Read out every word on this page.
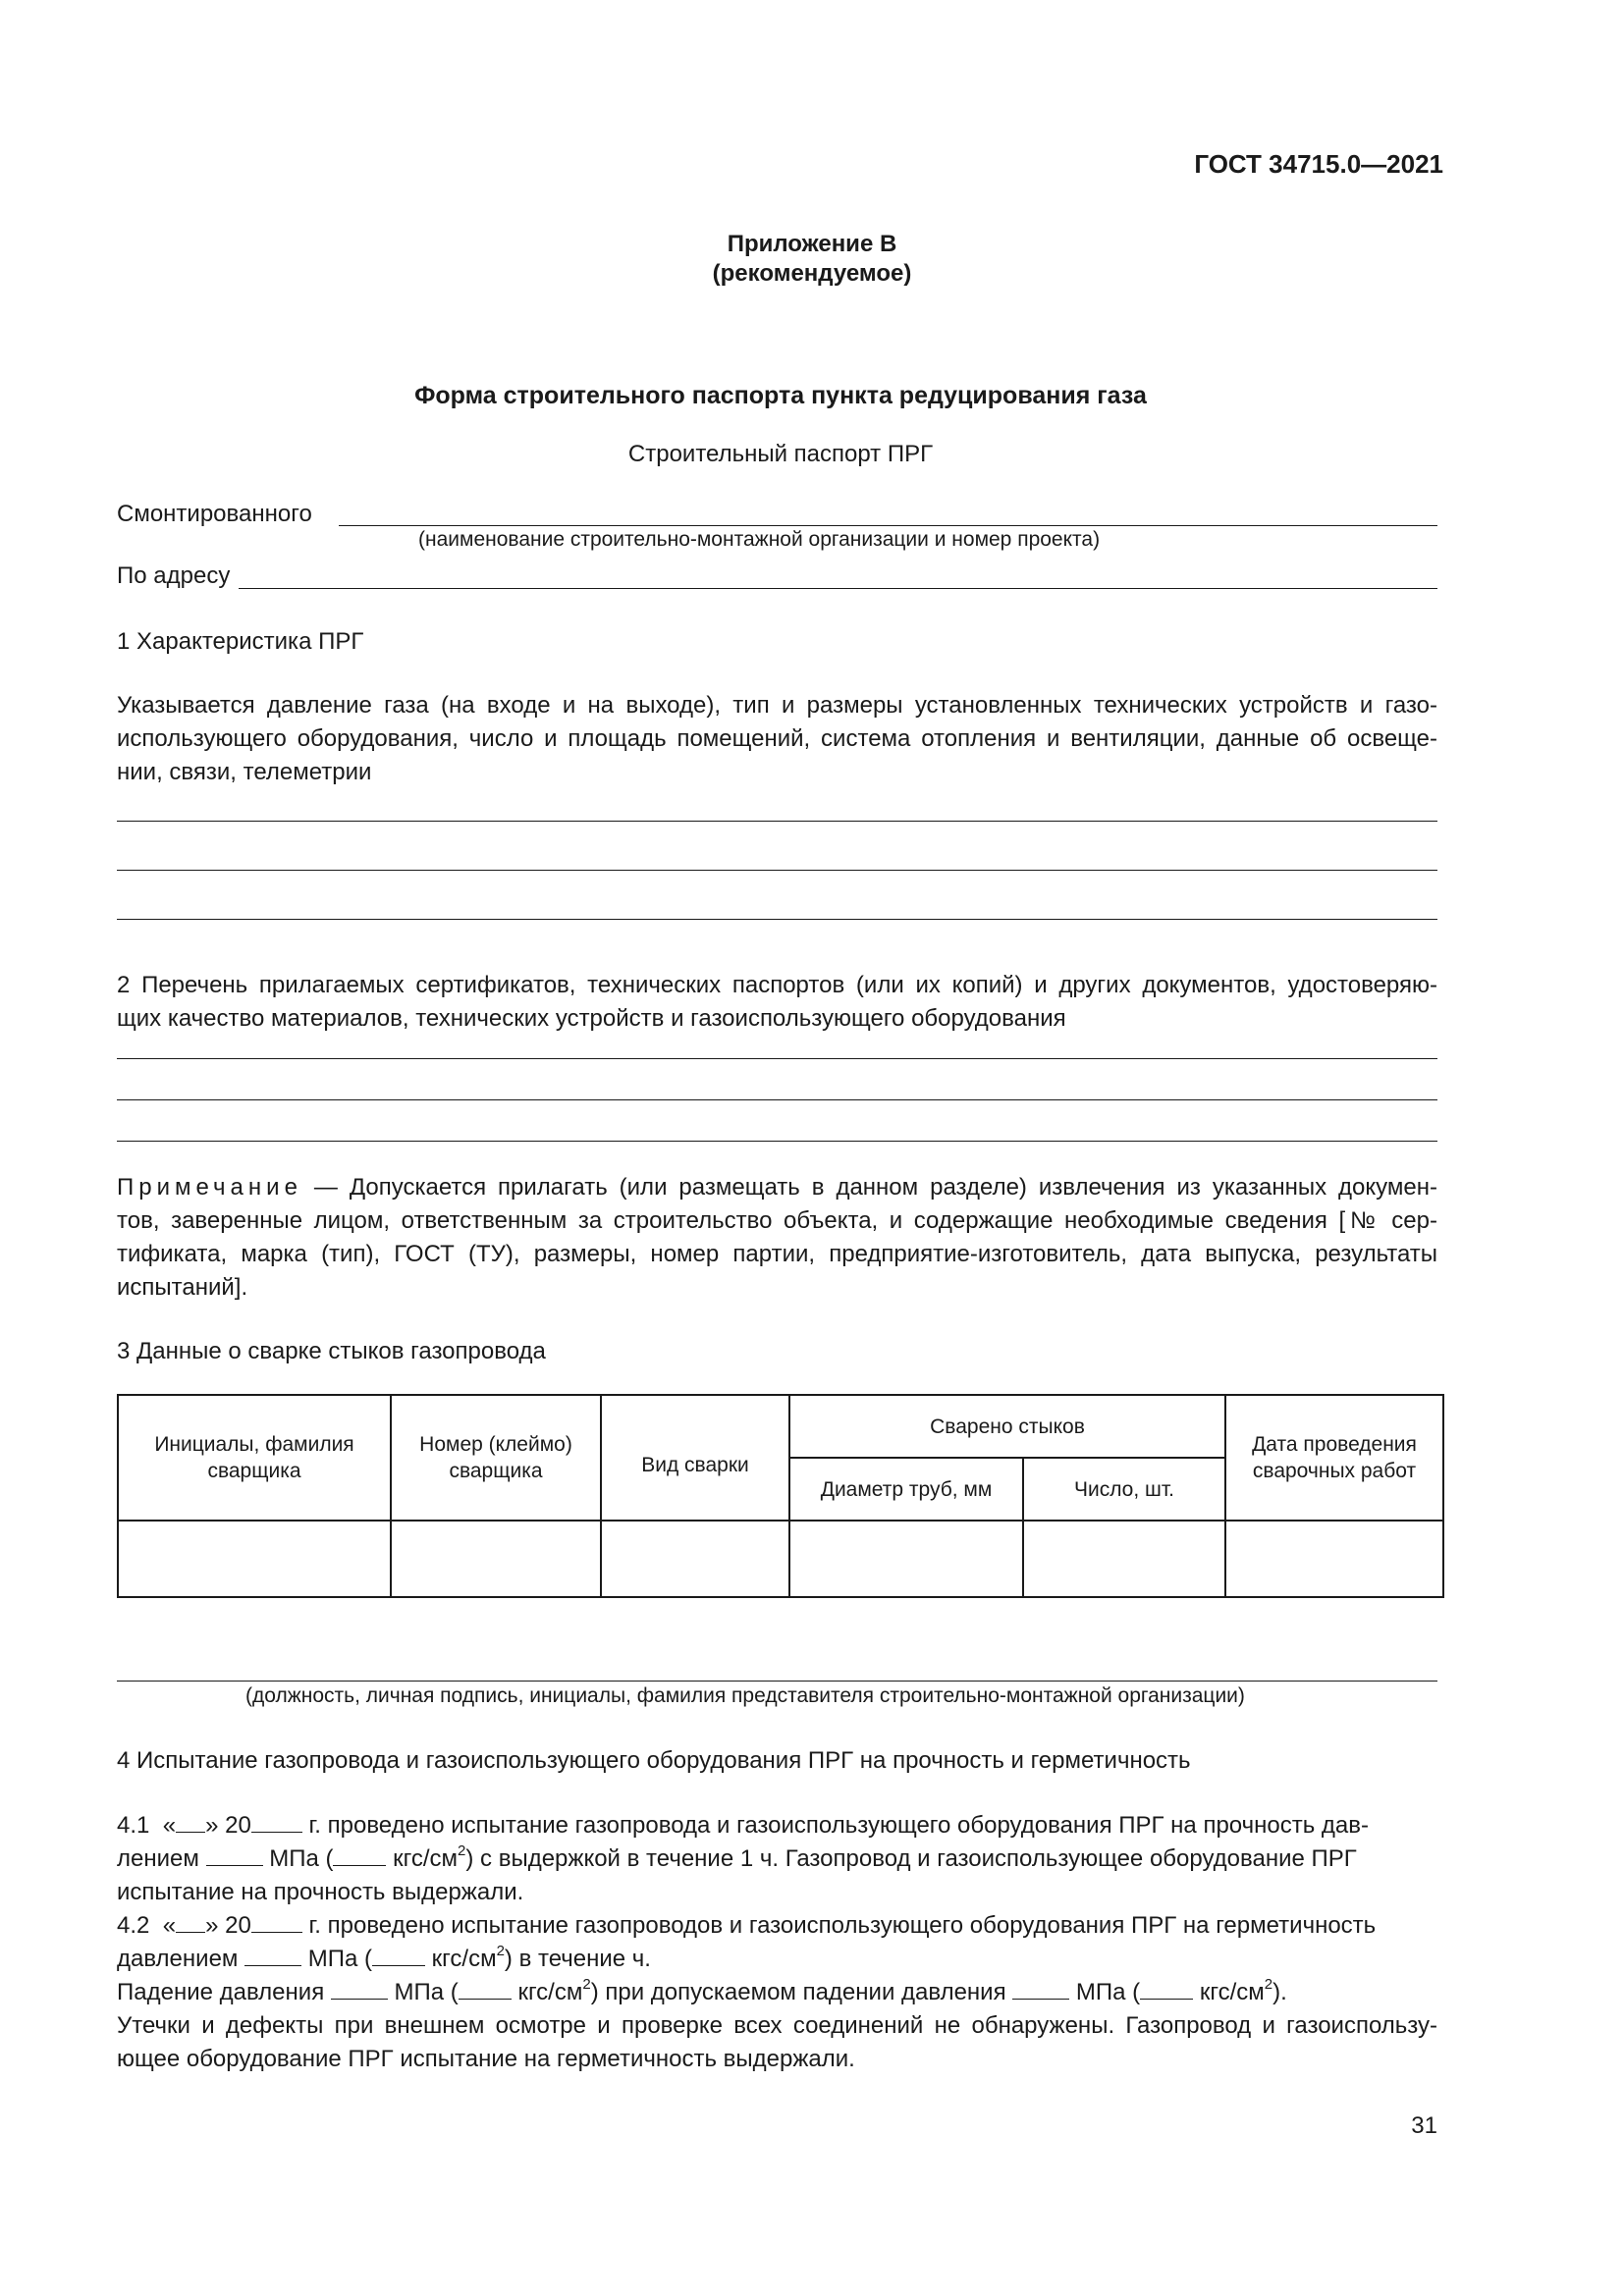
ГОСТ 34715.0—2021
Приложение В
(рекомендуемое)
Форма строительного паспорта пункта редуцирования газа
Строительный паспорт ПРГ
Смонтированного
(наименование строительно-монтажной организации и номер проекта)
По адресу
1 Характеристика ПРГ
Указывается давление газа (на входе и на выходе), тип и размеры установленных технических устройств и газо-
использующего оборудования, число и площадь помещений, система отопления и вентиляции, данные об освеще-
нии, связи, телеметрии
2 Перечень прилагаемых сертификатов, технических паспортов (или их копий) и других документов, удостоверяю-
щих качество материалов, технических устройств и газоиспользующего оборудования
Примечание — Допускается прилагать (или размещать в данном разделе) извлечения из указанных докумен-
тов, заверенные лицом, ответственным за строительство объекта, и содержащие необходимые сведения [№ сер-
тификата, марка (тип), ГОСТ (ТУ), размеры, номер партии, предприятие-изготовитель, дата выпуска, результаты
испытаний].
3 Данные о сварке стыков газопровода
Инициалы, фамилия сварщика	Номер (клеймо) сварщика	Вид сварки	Сварено стыков		Дата проведения сварочных работ
			Диаметр труб, мм	Число, шт.	

(должность, личная подпись, инициалы, фамилия представителя строительно-монтажной организации)
4 Испытание газопровода и газоиспользующего оборудования ПРГ на прочность и герметичность
4.1 « » 20 г. проведено испытание газопровода и газоиспользующего оборудования ПРГ на прочность дав-
лением  МПа ( кгс/$см^2$) с выдержкой в течение 1 ч. Газопровод и газоиспользующее оборудование ПРГ
испытание на прочность выдержали.
4.2 « » 20 г. проведено испытание газопроводов и газоиспользующего оборудования ПРГ на герметичность
давлением  МПа ( кгс/$см^2$) в течение ч.
Падение давления  МПа ( кгс/$см^2$) при допускаемом падении давления  МПа ( кгс/$см^2$).
Утечки и дефекты при внешнем осмотре и проверке всех соединений не обнаружены. Газопровод и газоиспользу-
ющее оборудование ПРГ испытание на герметичность выдержали.
31
